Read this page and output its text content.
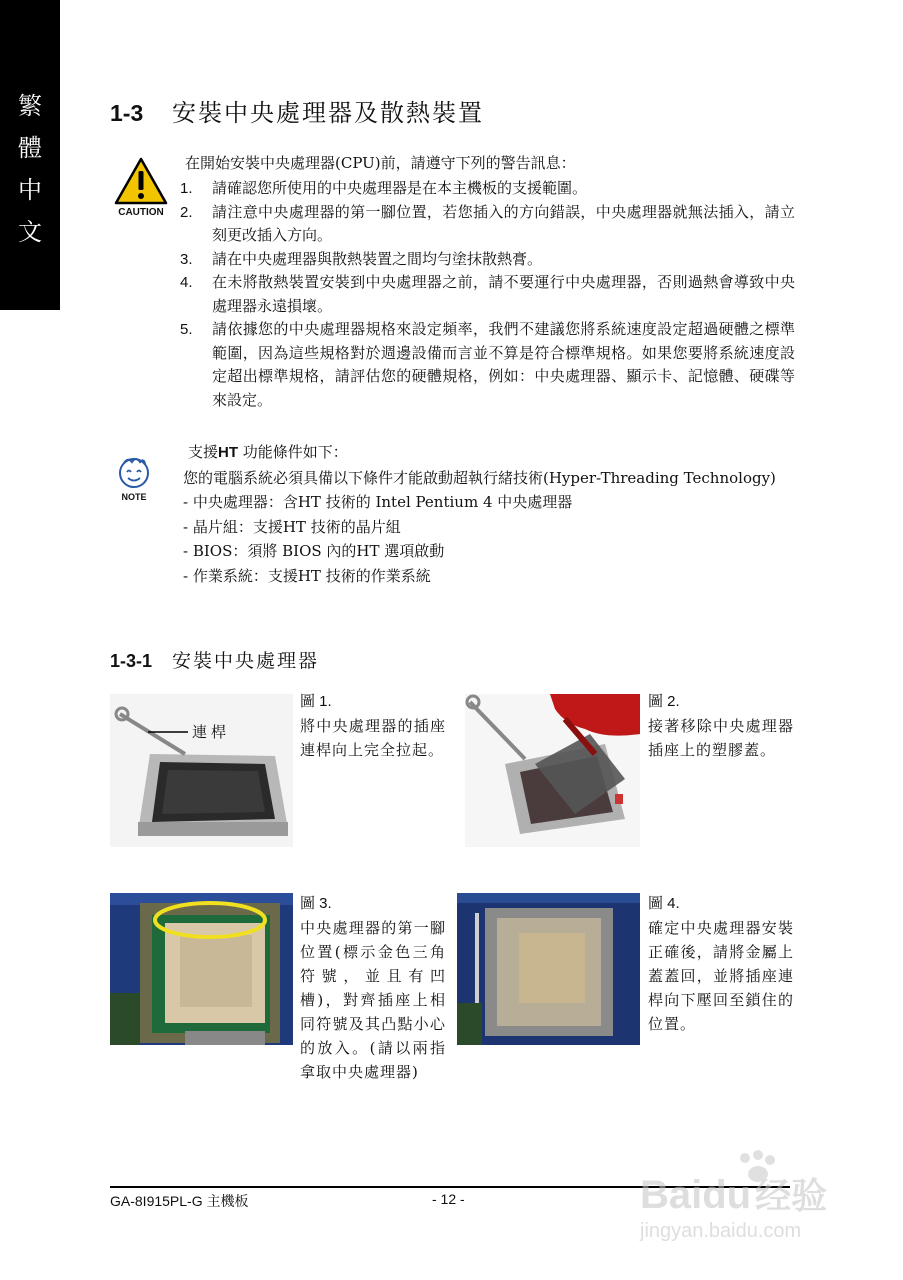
繁
體
中
文
1-3	安裝中央處理器及散熱裝置
CAUTION
在開始安裝中央處理器(CPU)前，請遵守下列的警告訊息：
1.	請確認您所使用的中央處理器是在本主機板的支援範圍。
2.	請注意中央處理器的第一腳位置，若您插入的方向錯誤，中央處理器就無法插入，請立刻更改插入方向。
3.	請在中央處理器與散熱裝置之間均勻塗抹散熱膏。
4.	在未將散熱裝置安裝到中央處理器之前，請不要運行中央處理器，否則過熱會導致中央處理器永遠損壞。
5.	請依據您的中央處理器規格來設定頻率，我們不建議您將系統速度設定超過硬體之標準範圍，因為這些規格對於週邊設備而言並不算是符合標準規格。如果您要將系統速度設定超出標準規格，請評估您的硬體規格，例如：中央處理器、顯示卡、記憶體、硬碟等來設定。
NOTE
支援HT 功能條件如下：
您的電腦系統必須具備以下條件才能啟動超執行緒技術(Hyper-Threading Technology)
- 中央處理器：含HT 技術的 Intel Pentium 4 中央處理器
- 晶片組：支援HT 技術的晶片組
- BIOS：須將 BIOS 內的HT 選項啟動
- 作業系統：支援HT 技術的作業系統
1-3-1	安裝中央處理器
連桿
圖 1.
將中央處理器的插座連桿向上完全拉起。
圖 2.
接著移除中央處理器插座上的塑膠蓋。
圖 3.
中央處理器的第一腳位置(標示金色三角符號，並且有凹槽)，對齊插座上相同符號及其凸點小心的放入。(請以兩指拿取中央處理器)
圖 4.
確定中央處理器安裝正確後，請將金屬上蓋蓋回，並將插座連桿向下壓回至鎖住的位置。
GA-8I915PL-G 主機板	- 12 -	Baidu 经验
jingyan.baidu.com
